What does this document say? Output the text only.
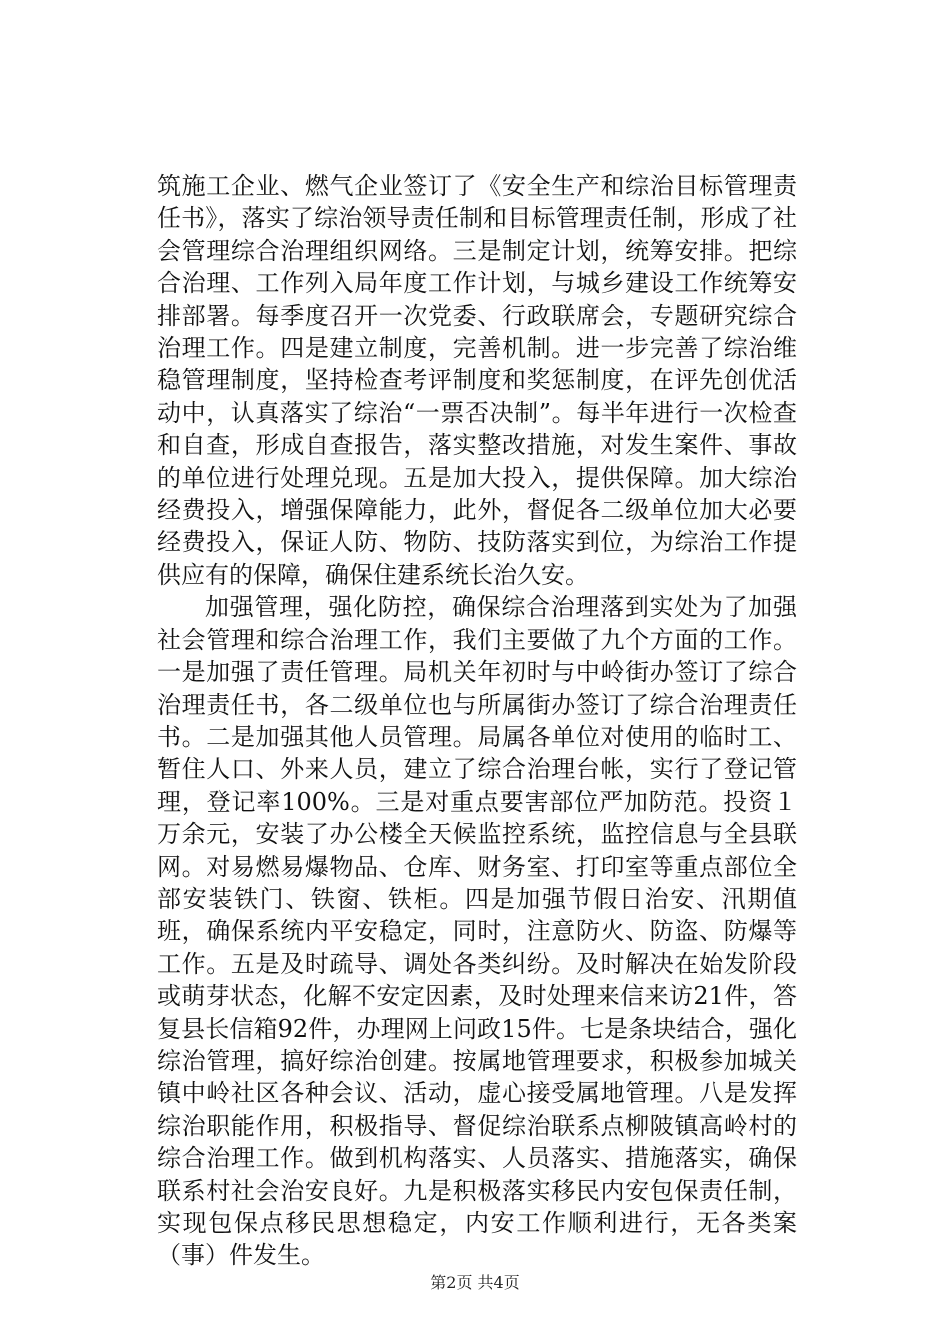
筑施工企业、燃气企业签订了《安全生产和综治目标管理责任书》，落实了综治领导责任制和目标管理责任制，形成了社会管理综合治理组织网络。三是制定计划，统筹安排。把综合治理、工作列入局年度工作计划，与城乡建设工作统筹安排部署。每季度召开一次党委、行政联席会，专题研究综合治理工作。四是建立制度，完善机制。进一步完善了综治维稳管理制度，坚持检查考评制度和奖惩制度，在评先创优活动中，认真落实了综治“一票否决制”。每半年进行一次检查和自查，形成自查报告，落实整改措施，对发生案件、事故的单位进行处理兑现。五是加大投入，提供保障。加大综治经费投入，增强保障能力，此外，督促各二级单位加大必要经费投入，保证人防、物防、技防落实到位，为综治工作提供应有的保障，确保住建系统长治久安。

加强管理，强化防控，确保综合治理落到实处为了加强社会管理和综合治理工作，我们主要做了九个方面的工作。一是加强了责任管理。局机关年初时与中岭街办签订了综合治理责任书，各二级单位也与所属街办签订了综合治理责任书。二是加强其他人员管理。局属各单位对使用的临时工、暂住人口、外来人员，建立了综合治理台帐，实行了登记管理，登记率100%。三是对重点要害部位严加防范。投资１万余元，安装了办公楼全天候监控系统，监控信息与全县联网。对易燃易爆物品、仓库、财务室、打印室等重点部位全部安装铁门、铁窗、铁柜。四是加强节假日治安、汛期值班，确保系统内平安稳定，同时，注意防火、防盗、防爆等工作。五是及时疏导、调处各类纠纷。及时解决在始发阶段或萌芽状态，化解不安定因素，及时处理来信来访21件，答复县长信箱92件，办理网上问政15件。七是条块结合，强化综治管理，搞好综治创建。按属地管理要求，积极参加城关镇中岭社区各种会议、活动，虚心接受属地管理。八是发挥综治职能作用，积极指导、督促综治联系点柳陂镇高岭村的综合治理工作。做到机构落实、人员落实、措施落实，确保联系村社会治安良好。九是积极落实移民内安包保责任制，实现包保点移民思想稳定，内安工作顺利进行，无各类案（事）件发生。

第2页 共4页
